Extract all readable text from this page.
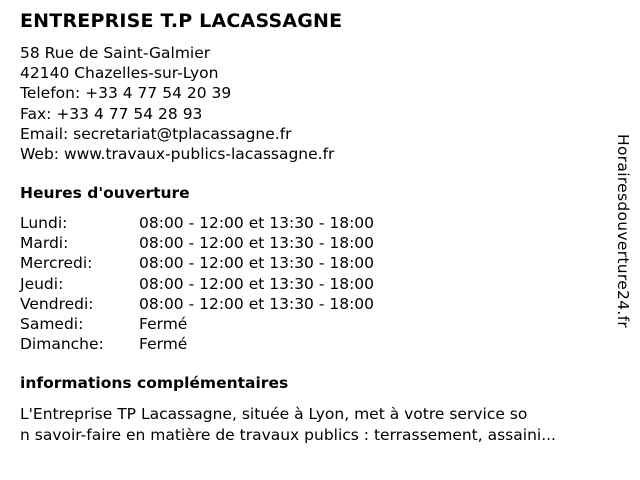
ENTREPRISE T.P LACASSAGNE
58 Rue de Saint-Galmier
42140 Chazelles-sur-Lyon
Telefon: +33 4 77 54 20 39
Fax: +33 4 77 54 28 93
Email: secretariat@tplacassagne.fr
Web: www.travaux-publics-lacassagne.fr
Heures d'ouverture
Lundi:	08:00 - 12:00 et 13:30 - 18:00
Mardi:	08:00 - 12:00 et 13:30 - 18:00
Mercredi:	08:00 - 12:00 et 13:30 - 18:00
Jeudi:	08:00 - 12:00 et 13:30 - 18:00
Vendredi:	08:00 - 12:00 et 13:30 - 18:00
Samedi:	Fermé
Dimanche: Fermé
informations complémentaires
L'Entreprise TP Lacassagne, située à Lyon, met à votre service so
n savoir-faire en matière de travaux publics : terrassement, assaini...
Horairesdouverture24.fr
